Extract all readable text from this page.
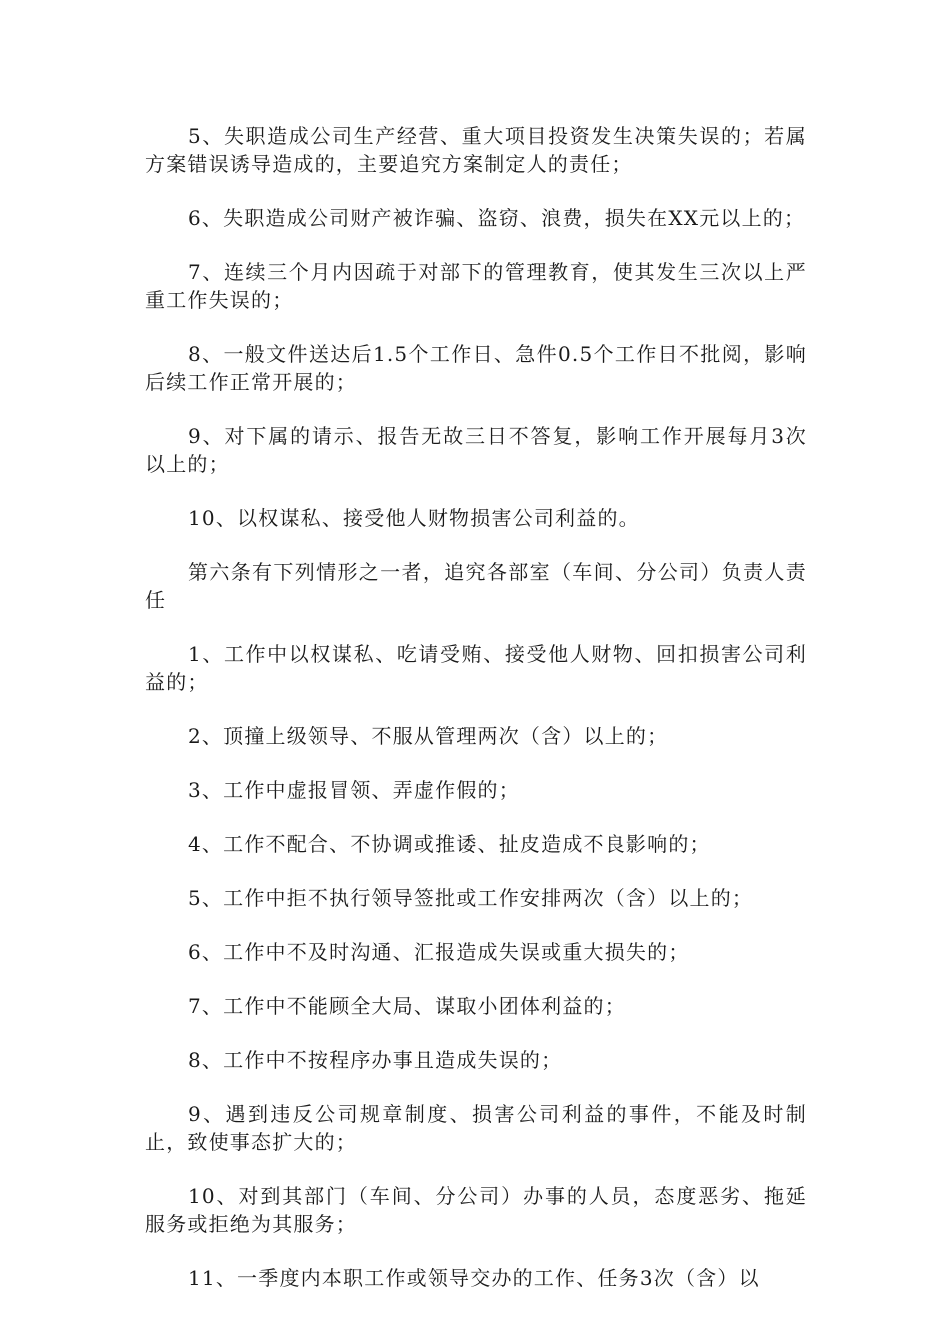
5、失职造成公司生产经营、重大项目投资发生决策失误的；若属方案错误诱导造成的，主要追究方案制定人的责任；

6、失职造成公司财产被诈骗、盗窃、浪费，损失在XX元以上的；

7、连续三个月内因疏于对部下的管理教育，使其发生三次以上严重工作失误的；

8、一般文件送达后1.5个工作日、急件0.5个工作日不批阅，影响后续工作正常开展的；

9、对下属的请示、报告无故三日不答复，影响工作开展每月3次以上的；

10、以权谋私、接受他人财物损害公司利益的。

第六条有下列情形之一者，追究各部室（车间、分公司）负责人责任

1、工作中以权谋私、吃请受贿、接受他人财物、回扣损害公司利益的；

2、顶撞上级领导、不服从管理两次（含）以上的；

3、工作中虚报冒领、弄虚作假的；

4、工作不配合、不协调或推诿、扯皮造成不良影响的；

5、工作中拒不执行领导签批或工作安排两次（含）以上的；

6、工作中不及时沟通、汇报造成失误或重大损失的；

7、工作中不能顾全大局、谋取小团体利益的；

8、工作中不按程序办事且造成失误的；

9、遇到违反公司规章制度、损害公司利益的事件，不能及时制止，致使事态扩大的；

10、对到其部门（车间、分公司）办事的人员，态度恶劣、拖延服务或拒绝为其服务；

11、一季度内本职工作或领导交办的工作、任务3次（含）以
